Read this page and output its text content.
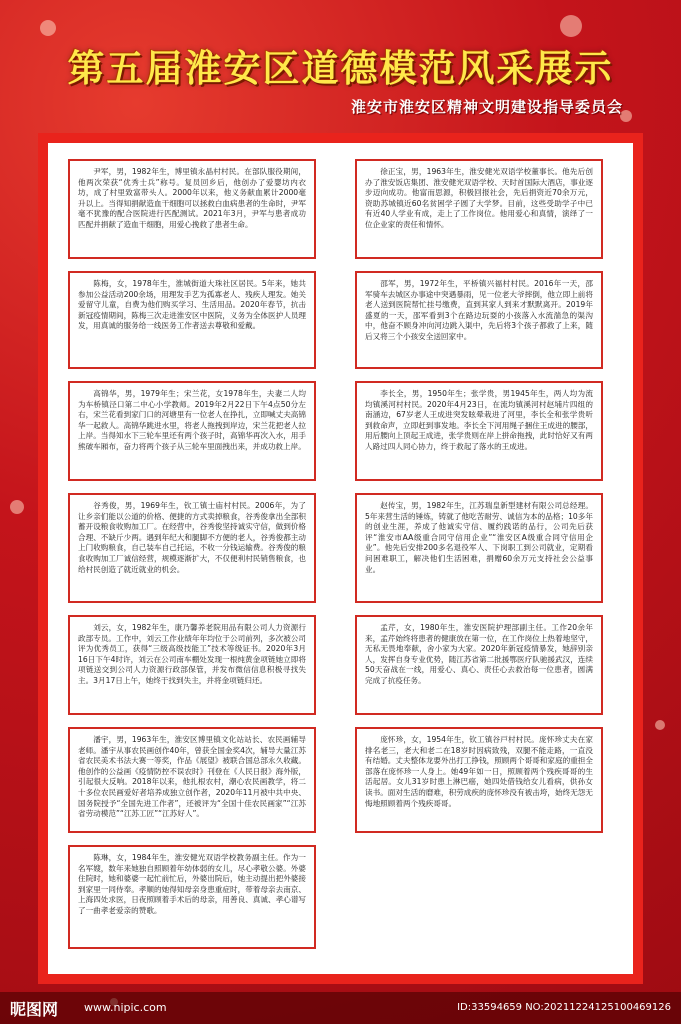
第五届淮安区道德模范风采展示
淮安市淮安区精神文明建设指导委员会
尹军，男，1982年生，博里镇永晶村村民。在部队服役期间，他两次荣获“优秀士兵”称号。复员回乡后，他创办了爱婴坊内衣坊，成了村里致富带头人。2000年以来，他义务献血累计2000毫升以上。当得知捐献造血干细胞可以拯救白血病患者的生命时，尹军毫不犹豫的配合医院进行匹配测试。2021年3月，尹军与患者成功匹配并捐献了造血干细胞，用爱心挽救了患者生命。
徐正宝，男，1963年生，淮安健光双语学校董事长。他先后创办了淮安饭店集团、淮安健光双语学校、天时首国际大酒店，事业逐步迈向成功。他富而思源，积极回报社会，先后捐资近70余万元，资助苏城镇近60名贫困学子圆了大学梦。目前，这些受助学子中已有近40人学业有成，走上了工作岗位。他用爱心和真情，演绎了一位企业家的责任和情怀。
陈梅，女，1978年生，淮城街道大珠社区居民。5年来，她共参加公益活动200余场，用理发手艺为孤寡老人、残疾人理发。她关爱留守儿童，自费为他们购买学习、生活用品。2020年春节，抗击新冠疫情期间，陈梅三次走进淮安区中医院，义务为全体医护人员理发，用真诚的服务给一线医务工作者送去尊敬和爱戴。
邵军，男，1972年生，平桥镇兴福村村民。2016年一天，邵军骑车去城区办事途中突遇暴雨，见一位老大爷摔倒，他立即上前将老人送到医院帮忙挂号缴费，直到其家人到来才默默离开。2019年盛夏的一天，邵军看到3个在路边玩耍的小孩落入水流湍急的渠沟中，他奋不顾身冲向河边跳入渠中，先后将3个孩子都救了上来，随后又将三个小孩安全送回家中。
高锦华，男，1979年生；宋兰花，女1978年生，夫妻二人均为车桥镇泾口第二中心小学教师。2019年2月22日下午4点50分左右，宋兰花看到家门口的河塘里有一位老人在挣扎，立即喊丈夫高锦华一起救人。高锦华跳进水里，将老人拖拽到岸边，宋兰花把老人拉上岸。当得知水下三轮车里还有两个孩子时，高锦华再次入水，用手熊破车厢布，奋力将两个孩子从三轮车里面拽出来，并成功救上岸。
李长全，男，1950年生；张学贵，男1945年生，两人均为流均镇溪河村村民。2020年4月23日，在流均镇溪河村赵埔片四组的南涵边，67岁老人王成进突发眩晕栽进了河里，李长全和张学贵听到救命声，立即赶到事发地。李长全下河用绳子捆住王成进的腰部，用后腰向上顶起王成进，张学贵则在岸上拼命拖拽，此时恰好又有两人路过四人同心协力，终于救起了落水的王成进。
谷秀俊，男，1969年生，钦工镇士庙村村民。2006年，为了让乡亲们能以公道的价格、便捷的方式卖掉粮食，谷秀俊拿出全部积蓄开设粮食收购加工厂。在经营中，谷秀俊坚持诚实守信，做到价格合理、不缺斤少两。遇到年纪大和腿脚不方便的老人，谷秀俊都主动上门收购粮食，自己装车自己托运，不收一分钱运输费。谷秀俊的粮食收购加工厂诚信经营，规模逐渐扩大，不仅便利村民销售粮食，也给村民创造了就近就业的机会。
赵传宝，男，1982年生，江苏瑞皇新型建材有限公司总经理。5年来营生活的锤炼，铸就了他吃苦耐劳、诚信为本的品格；10多年的创业生涯，养成了他诚实守信、履约践诺的品行，公司先后获评“淮安市AA级重合同守信用企业”“淮安区A级重合同守信用企业”。他先后安排200多名退役军人、下岗职工到公司就业，定期看问困难职工，解决他们生活困难，捐赠60余万元支持社会公益事业。
刘云，女，1982年生，康乃馨养老院用品有限公司人力资源行政部专员。工作中，刘云工作业绩年年均位于公司前列，多次被公司评为优秀员工，获得“三级高级技能工”技术等级证书。2020年3月16日下午4时许，刘云在公司南车棚处发现一根纯黄金项链她立即将项链送交到公司人力资源行政部保管，并发布微信信息积极寻找失主。3月17日上午，她终于找到失主，并将金项链归还。
孟芹，女，1980年生，淮安医院护理部副主任。工作20余年来，孟芹始终将患者的健康放在第一位，在工作岗位上热着地坚守，无私无畏地奉献，舍小家为大家。2020年新冠疫情暴发，她辞别亲人，发挥自身专业优势，随江苏省第二批援鄂医疗队驰援武汉，连续50天奋战在一线，用爱心、真心、责任心去救治每一位患者，圆满完成了抗疫任务。
潘宇，男，1963年生，淮安区博里镇文化站站长、农民画辅导老师。潘宇从事农民画创作40年，曾获全国金奖4次，辅导大量江苏省农民美术书法大赛一等奖，作品《展望》被联合国总部永久收藏。他创作的公益画《疫情防控不误农时》刊登在《人民日报》海外版，引起很大反响。2018年以来，他扎根农村，潮心农民画教学，将二十多位农民画爱好者培养成独立创作者，2020年11月被中共中央、国务院授予“全国先进工作者”，还被评为“全国十佳农民画家”“江苏省劳动模范”“江苏工匠”“江苏好人”。
庞怀珍，女，1954年生，钦工镇谷戸村村民。庞怀珍丈夫在家排名老三，老大和老二在18岁时因病致残，双腿不能走路，一直没有结婚。丈夫整体龙要外出打工挣钱，照顾两个哥哥和家庭的重担全部落在庞怀珍一人身上。她49年如一日，照顾着两个残疾哥哥的生活起居。女儿31岁时患上淋巴癌，她四处借钱给女儿看病，供孙女读书。面对生活的磨难，积劳成疾的庞怀珍没有被击垮，始终无怨无悔地照顾着两个残疾哥哥。
陈琳，女，1984年生，淮安健光双语学校教务副主任。作为一名军嫂，数年来她独自照顾着年幼体弱的女儿，尽心孝敬公婆。外婆住院时，她和婆婆一起忙前忙后，外婆出院后，她主动提出把外婆接到家里一同侍奉。孝顺的她得知母亲身患重症时，带着母亲去南京、上海四处求医，日夜照顾着手术后的母亲，用善良、真诚、孝心谱写了一曲孝老爱亲的赞歌。
昵图网 www.nipic.com	ID:33594659 NO:20211224125100469126
